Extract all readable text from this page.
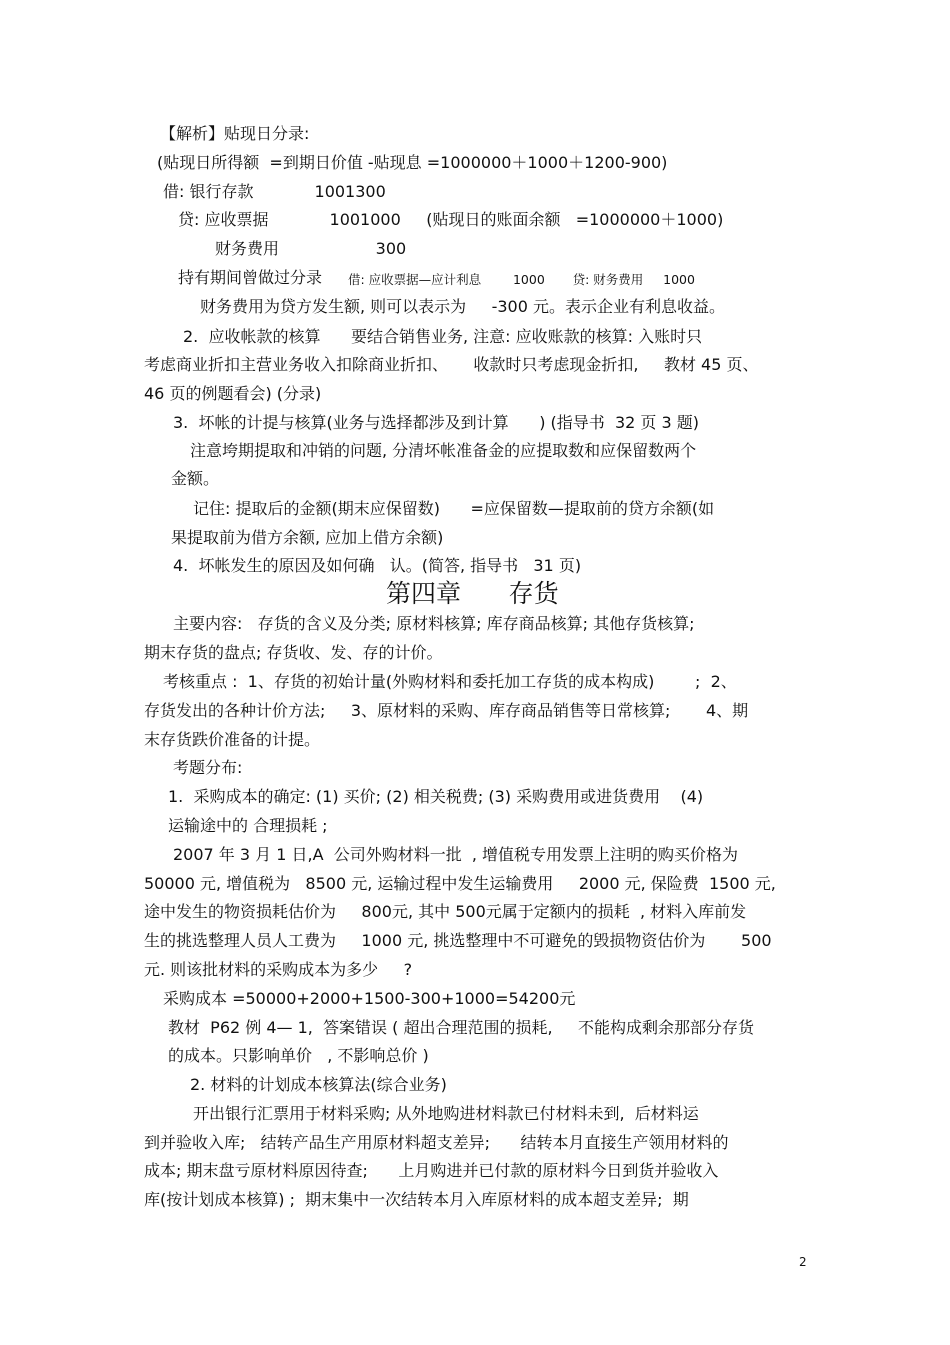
【解析】贴现日分录:
(贴现日所得额  =到期日价值 -贴现息 =1000000＋1000＋1200-900)
借: 银行存款            1001300
贷: 应收票据            1001000     (贴现日的账面余额   =1000000＋1000)
财务费用                   300
持有期间曾做过分录 借: 应收票据—应计利息        1000       贷: 财务费用     1000
财务费用为贷方发生额, 则可以表示为     -300 元。表示企业有利息收益。
2.  应收帐款的核算      要结合销售业务, 注意: 应收账款的核算: 入账时只
考虑商业折扣主营业务收入扣除商业折扣、     收款时只考虑现金折扣,     教材 45 页、
46 页的例题看会) (分录)
3.  坏帐的计提与核算(业务与选择都涉及到计算      ) (指导书  32 页 3 题)
注意垮期提取和冲销的问题, 分清坏帐准备金的应提取数和应保留数两个
金额。
记住: 提取后的金额(期末应保留数)      =应保留数—提取前的贷方余额(如
果提取前为借方余额, 应加上借方余额)
4.  坏帐发生的原因及如何确   认。(简答, 指导书   31 页)
第四章      存货
主要内容:   存货的含义及分类; 原材料核算; 库存商品核算; 其他存货核算;
期末存货的盘点; 存货收、发、存的计价。
考核重点 :  1、存货的初始计量(外购材料和委托加工存货的成本构成)        ;  2、
存货发出的各种计价方法;     3、原材料的采购、库存商品销售等日常核算;       4、期
末存货跌价准备的计提。
考题分布:
1.  采购成本的确定: (1) 买价; (2) 相关税费; (3) 采购费用或进货费用    (4)
运输途中的 合理损耗 ;
2007 年 3 月 1 日,A  公司外购材料一批  , 增值税专用发票上注明的购买价格为
50000 元, 增值税为   8500 元, 运输过程中发生运输费用     2000 元, 保险费  1500 元,
途中发生的物资损耗估价为     800元, 其中 500元属于定额内的损耗  , 材料入库前发
生的挑选整理人员人工费为     1000 元, 挑选整理中不可避免的毁损物资估价为       500
元. 则该批材料的采购成本为多少     ?
采购成本 =50000+2000+1500-300+1000=54200元
教材  P62 例 4— 1,  答案错误 ( 超出合理范围的损耗,     不能构成剩余那部分存货
的成本。只影响单价   , 不影响总价 )
2. 材料的计划成本核算法(综合业务)
开出银行汇票用于材料采购; 从外地购进材料款已付材料未到,  后材料运
到并验收入库;   结转产品生产用原材料超支差异;      结转本月直接生产领用材料的
成本; 期末盘亏原材料原因待查;      上月购进并已付款的原材料今日到货并验收入
库(按计划成本核算) ;  期末集中一次结转本月入库原材料的成本超支差异;  期
2
